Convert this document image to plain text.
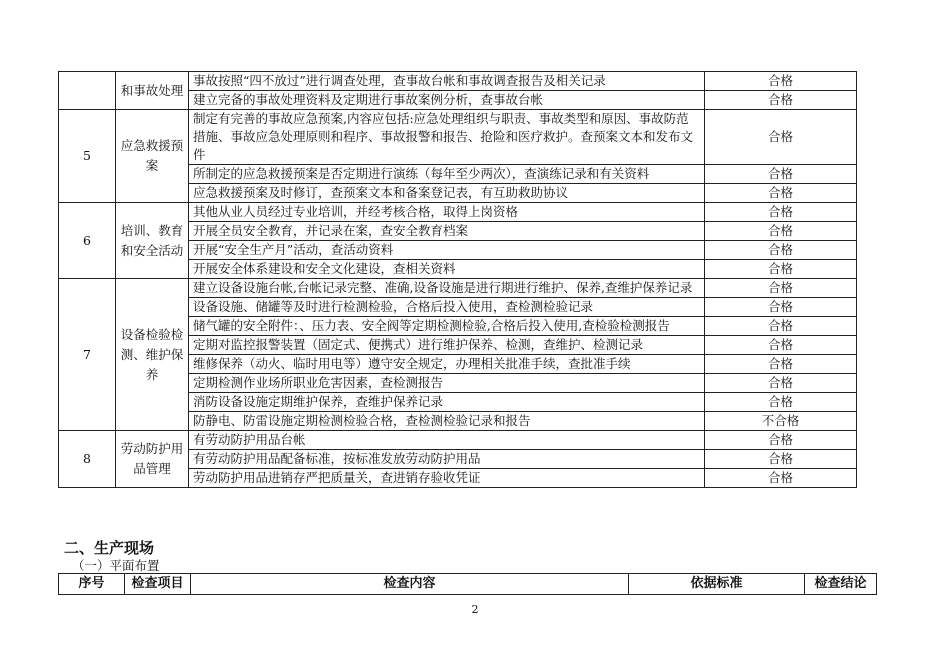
	和事故处理	事故按照“四不放过”进行调查处理，查事故台帐和事故调查报告及相关记录	合格
		建立完备的事故处理资料及定期进行事故案例分析，查事故台帐	合格
5	应急救援预案	制定有完善的事故应急预案,内容应包括:应急处理组织与职责、事故类型和原因、事故防范措施、事故应急处理原则和程序、事故报警和报告、抢险和医疗救护。查预案文本和发布文件	合格
		所制定的应急救援预案是否定期进行演练（每年至少两次），查演练记录和有关资料	合格
		应急救援预案及时修订，查预案文本和备案登记表，有互助救助协议	合格
6	培训、教育和安全活动	其他从业人员经过专业培训，并经考核合格，取得上岗资格	合格
		开展全员安全教育，并记录在案，查安全教育档案	合格
		开展“安全生产月”活动，查活动资料	合格
		开展安全体系建设和安全文化建设，查相关资料	合格
7	设备检验检测、维护保养	建立设备设施台帐,台帐记录完整、准确,设备设施是进行期进行维护、保养,查维护保养记录	合格
		设备设施、储罐等及时进行检测检验，合格后投入使用，查检测检验记录	合格
		储气罐的安全附件：、压力表、安全阀等定期检测检验,合格后投入使用,查检验检测报告	合格
		定期对监控报警装置（固定式、便携式）进行维护保养、检测，查维护、检测记录	合格
		维修保养（动火、临时用电等）遵守安全规定，办理相关批准手续，查批准手续	合格
		定期检测作业场所职业危害因素，查检测报告	合格
		消防设备设施定期维护保养，查维护保养记录	合格
		防静电、防雷设施定期检测检验合格，查检测检验记录和报告	不合格
8	劳动防护用品管理	有劳动防护用品台帐	合格
		有劳动防护用品配备标准，按标准发放劳动防护用品	合格
		劳动防护用品进销存严把质量关，查进销存验收凭证	合格
二、生产现场
（一）平面布置
序号	检查项目	检查内容	依据标准	检查结论
2
